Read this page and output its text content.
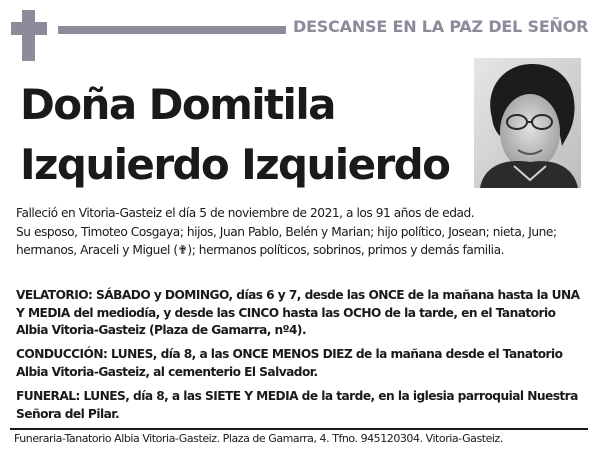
DESCANSE EN LA PAZ DEL SEÑOR
Doña Domitila
Izquierdo Izquierdo
Falleció en Vitoria-Gasteiz el día 5 de noviembre de 2021, a los 91 años de edad.
Su esposo, Timoteo Cosgaya; hijos, Juan Pablo, Belén y Marian; hijo político, Josean; nieta, June; hermanos, Araceli y Miguel (✟); hermanos políticos, sobrinos, primos y demás familia.
VELATORIO: SÁBADO y DOMINGO, días 6 y 7, desde las ONCE de la mañana hasta la UNA Y MEDIA del mediodía, y desde las CINCO hasta las OCHO de la tarde, en el Tanatorio Albia Vitoria-Gasteiz (Plaza de Gamarra, nº4).
CONDUCCIÓN: LUNES, día 8, a las ONCE MENOS DIEZ de la mañana desde el Tanatorio Albia Vitoria-Gasteiz, al cementerio El Salvador.
FUNERAL: LUNES, día 8, a las SIETE Y MEDIA de la tarde, en la iglesia parroquial Nuestra Señora del Pilar.
Funeraria-Tanatorio Albia Vitoria-Gasteiz. Plaza de Gamarra, 4. Tfno. 945120304. Vitoria-Gasteiz.
